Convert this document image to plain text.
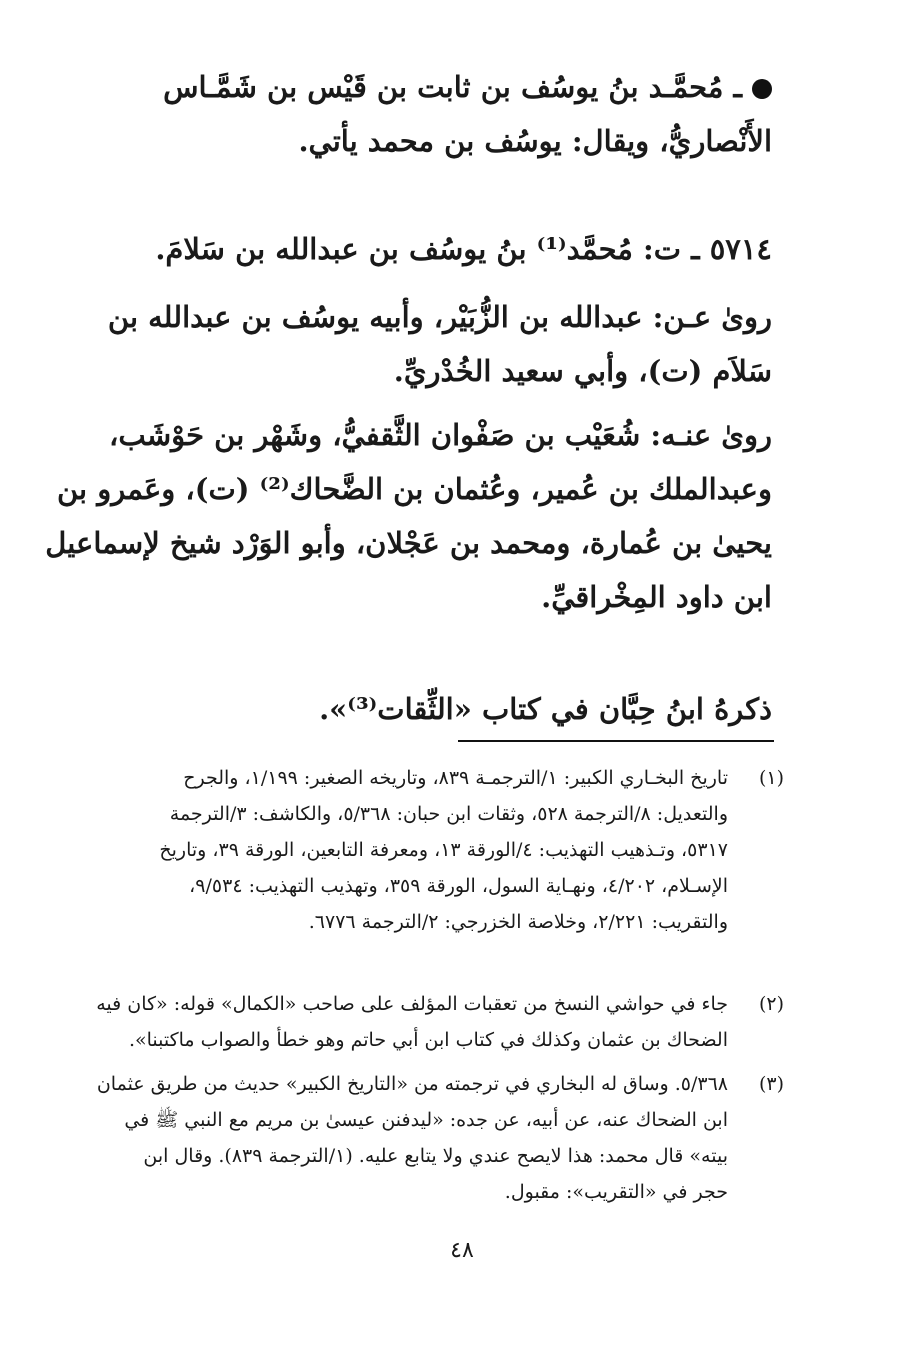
ـ مُحمَّـد بنُ يوسُف بن ثابت بن قَيْس بن شَمَّـاس
الأَنْصاريُّ، ويقال: يوسُف بن محمد يأتي.
٥٧١٤ ـ ت: مُحمَّد⁽¹⁾ بنُ يوسُف بن عبدالله بن سَلامَ.
روىٰ عـن: عبدالله بن الزُّبَيْر، وأبيه يوسُف بن عبدالله بن
سَلاَم (ت)، وأبي سعيد الخُدْريِّ.
روىٰ عنـه: شُعَيْب بن صَفْوان الثَّقفيُّ، وشَهْر بن حَوْشَب،
وعبدالملك بن عُمير، وعُثمان بن الضَّحاك⁽²⁾ (ت)، وعَمرو بن
يحيىٰ بن عُمارة، ومحمد بن عَجْلان، وأبو الوَرْد شيخ لإسماعيل
ابن داود المِخْراقيِّ.
ذكرهُ ابنُ حِبَّان في كتاب «الثِّقات⁽³⁾».
(١)
تاريخ البخـاري الكبير: ١/الترجمـة ٨٣٩، وتاريخه الصغير: ١/١٩٩، والجرح
والتعديل: ٨/الترجمة ٥٢٨، وثقات ابن حبان: ٥/٣٦٨، والكاشف: ٣/الترجمة
٥٣١٧، وتـذهيب التهذيب: ٤/الورقة ١٣، ومعرفة التابعين، الورقة ٣٩، وتاريخ
الإسـلام، ٤/٢٠٢، ونهـاية السول، الورقة ٣٥٩، وتهذيب التهذيب: ٩/٥٣٤،
والتقريب: ٢/٢٢١، وخلاصة الخزرجي: ٢/الترجمة ٦٧٧٦.
(٢)
جاء في حواشي النسخ من تعقبات المؤلف على صاحب «الكمال» قوله: «كان فيه
الضحاك بن عثمان وكذلك في كتاب ابن أبي حاتم وهو خطأ والصواب ماكتبنا».
(٣)
٥/٣٦٨. وساق له البخاري في ترجمته من «التاريخ الكبير» حديث من طريق عثمان
ابن الضحاك عنه، عن أبيه، عن جده: «ليدفنن عيسىٰ بن مريم مع النبي ﷺ في
بيته» قال محمد: هذا لايصح عندي ولا يتابع عليه. (١/الترجمة ٨٣٩). وقال ابن
حجر في «التقريب»: مقبول.
٤٨
